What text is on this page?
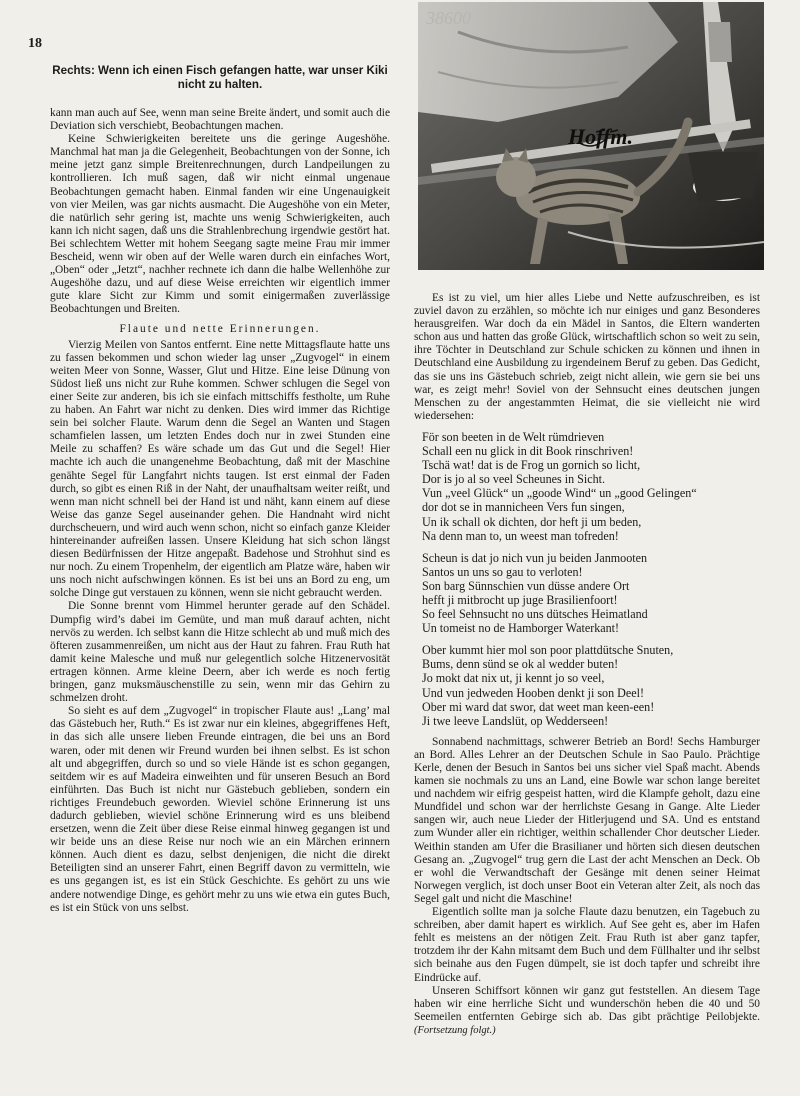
18
Rechts: Wenn ich einen Fisch gefangen hatte, war unser Kiki nicht zu halten.
38600
Hoffm.

kann man auch auf See, wenn man seine Breite ändert, und somit auch die Deviation sich verschiebt, Beobachtungen machen.

Keine Schwierigkeiten bereitete uns die geringe Augeshöhe. Manchmal hat man ja die Gelegenheit, Beobachtungen von der Sonne, ich meine jetzt ganz simple Breitenrechnungen, durch Landpeilungen zu kontrollieren. Ich muß sagen, daß wir nicht einmal ungenaue Beobachtungen gemacht haben. Einmal fanden wir eine Ungenauigkeit von vier Meilen, was gar nichts ausmacht. Die Augeshöhe von ein Meter, die natürlich sehr gering ist, machte uns wenig Schwierigkeiten, auch kann ich nicht sagen, daß uns die Strahlenbrechung irgendwie gestört hat. Bei schlechtem Wetter mit hohem Seegang sagte meine Frau mir immer Bescheid, wenn wir oben auf der Welle waren durch ein einfaches Wort, „Oben“ oder „Jetzt“, nachher rechnete ich dann die halbe Wellenhöhe zur Augeshöhe dazu, und auf diese Weise erreichten wir eigentlich immer gute klare Sicht zur Kimm und somit einigermaßen zuverlässige Beobachtungen und Breiten.

Flaute und nette Erinnerungen.

Vierzig Meilen von Santos entfernt. Eine nette Mittagsflaute hatte uns zu fassen bekommen und schon wieder lag unser „Zugvogel“ in einem weiten Meer von Sonne, Wasser, Glut und Hitze. Eine leise Dünung von Südost ließ uns nicht zur Ruhe kommen. Schwer schlugen die Segel von einer Seite zur anderen, bis ich sie einfach mittschiffs festholte, um Ruhe zu haben. An Fahrt war nicht zu denken. Dies wird immer das Richtige sein bei solcher Flaute. Warum denn die Segel an Wanten und Stagen schamfielen lassen, um letzten Endes doch nur in zwei Stunden eine Meile zu schaffen? Es wäre schade um das Gut und die Segel! Hier machte ich auch die unangenehme Beobachtung, daß mit der Maschine genähte Segel für Langfahrt nichts taugen. Ist erst einmal der Faden durch, so gibt es einen Riß in der Naht, der unaufhaltsam weiter reißt, und wenn man nicht schnell bei der Hand ist und näht, kann einem auf diese Weise das ganze Segel auseinander gehen. Die Handnaht wird nicht durchscheuern, und wird auch wenn schon, nicht so einfach ganze Kleider hintereinander aufreißen lassen. Unsere Kleidung hat sich schon längst diesen Bedürfnissen der Hitze angepaßt. Badehose und Strohhut sind es nur noch. Zu einem Tropenhelm, der eigentlich am Platze wäre, haben wir uns noch nicht aufschwingen können. Es ist bei uns an Bord zu eng, um solche Dinge gut verstauen zu können, wenn sie nicht gebraucht werden.

Die Sonne brennt vom Himmel herunter gerade auf den Schädel. Dumpfig wird’s dabei im Gemüte, und man muß darauf achten, nicht nervös zu werden. Ich selbst kann die Hitze schlecht ab und muß mich des öfteren zusammenreißen, um nicht aus der Haut zu fahren. Frau Ruth hat damit keine Malesche und muß nur gelegentlich solche Hitzenervosität ertragen können. Arme kleine Deern, aber ich werde es noch fertig bringen, ganz muksmäuschenstille zu sein, wenn mir das Gehirn zu schmelzen droht.

So sieht es auf dem „Zugvogel“ in tropischer Flaute aus! „Lang’ mal das Gästebuch her, Ruth.“ Es ist zwar nur ein kleines, abgegriffenes Heft, in das sich alle unsere lieben Freunde eintragen, die bei uns an Bord waren, oder mit denen wir Freund wurden bei ihnen selbst. Es ist schon alt und abgegriffen, durch so und so viele Hände ist es schon gegangen, seitdem wir es auf Madeira einweihten und für unseren Besuch an Bord einführten. Das Buch ist nicht nur Gästebuch geblieben, sondern ein richtiges Freundebuch geworden. Wieviel schöne Erinnerung ist uns dadurch geblieben, wieviel schöne Erinnerung wird es uns bleibend ersetzen, wenn die Zeit über diese Reise einmal hinweg gegangen ist und wir beide uns an diese Reise nur noch wie an ein Märchen erinnern können. Auch dient es dazu, selbst denjenigen, die nicht die direkt Beteiligten sind an unserer Fahrt, einen Begriff davon zu vermitteln, wie es uns gegangen ist, es ist ein Stück Geschichte. Es gehört zu uns wie andere notwendige Dinge, es gehört mehr zu uns wie etwa ein gutes Buch, es ist ein Stück von uns selbst.

Es ist zu viel, um hier alles Liebe und Nette aufzuschreiben, es ist zuviel davon zu erzählen, so möchte ich nur einiges und ganz Besonderes herausgreifen. War doch da ein Mädel in Santos, die Eltern wanderten schon aus und hatten das große Glück, wirtschaftlich schon so weit zu sein, ihre Töchter in Deutschland zur Schule schicken zu können und ihnen in Deutschland eine Ausbildung zu irgendeinem Beruf zu geben. Das Gedicht, das sie uns ins Gästebuch schrieb, zeigt nicht allein, wie gern sie bei uns war, es zeigt mehr! Soviel von der Sehnsucht eines deutschen jungen Menschen zu der angestammten Heimat, die sie vielleicht nie wird wiedersehen:

För son beeten in de Welt rümdrieven
Schall een nu glick in dit Book rinschriven!
Tschä wat! dat is de Frog un gornich so licht,
Dor is jo al so veel Scheunes in Sicht.
Vun „veel Glück“ un „goode Wind“ un „good Gelingen“
dor dot se in mannicheen Vers fun singen,
Un ik schall ok dichten, dor heft ji um beden,
Na denn man to, un weest man tofreden!
Scheun is dat jo nich vun ju beiden Janmooten
Santos un uns so gau to verloten!
Son barg Sünnschien vun düsse andere Ort
hefft ji mitbrocht up juge Brasilienfoort!
So feel Sehnsucht no uns dütsches Heimatland
Un tomeist no de Hamborger Waterkant!
Ober kummt hier mol son poor plattdütsche Snuten,
Bums, denn sünd se ok al wedder buten!
Jo mokt dat nix ut, ji kennt jo so veel,
Und vun jedweden Hooben denkt ji son Deel!
Ober mi ward dat swor, dat weet man keen-een!
Ji twe leeve Landslüt, op Wedderseen!

Sonnabend nachmittags, schwerer Betrieb an Bord! Sechs Hamburger an Bord. Alles Lehrer an der Deutschen Schule in Sao Paulo. Prächtige Kerle, denen der Besuch in Santos bei uns sicher viel Spaß macht. Abends kamen sie nochmals zu uns an Land, eine Bowle war schon lange bereitet und nachdem wir eifrig gespeist hatten, wird die Klampfe geholt, dazu eine Mundfidel und schon war der herrlichste Gesang in Gange. Alte Lieder sangen wir, auch neue Lieder der Hitlerjugend und SA. Und es entstand zum Wunder aller ein richtiger, weithin schallender Chor deutscher Lieder. Weithin standen am Ufer die Brasilianer und hörten sich diesen deutschen Gesang an. „Zugvogel“ trug gern die Last der acht Menschen an Deck. Ob er wohl die Verwandtschaft der Gesänge mit denen seiner Heimat Norwegen verglich, ist doch unser Boot ein Veteran alter Zeit, als noch das Segel galt und nicht die Maschine!

Eigentlich sollte man ja solche Flaute dazu benutzen, ein Tagebuch zu schreiben, aber damit hapert es wirklich. Auf See geht es, aber im Hafen fehlt es meistens an der nötigen Zeit. Frau Ruth ist aber ganz tapfer, trotzdem ihr der Kahn mitsamt dem Buch und dem Füllhalter und ihr selbst sich beinahe aus den Fugen dümpelt, sie ist doch tapfer und schreibt ihre Eindrücke auf.

Unseren Schiffsort können wir ganz gut feststellen. An diesem Tage haben wir eine herrliche Sicht und wunderschön heben die 40 und 50 Seemeilen entfernten Gebirge sich ab. Das gibt prächtige Peilobjekte. (Fortsetzung folgt.)
